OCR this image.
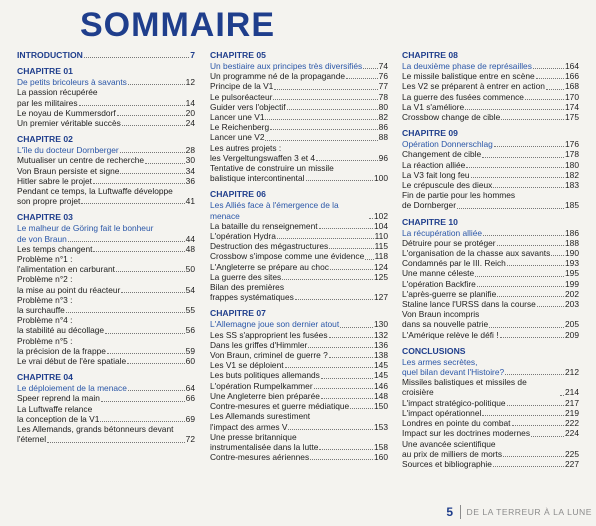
SOMMAIRE
INTRODUCTION	7
CHAPITRE 01
De petits bricoleurs à savants	12
La passion récupérée
par les militaires	14
Le noyau de Kummersdorf	20
Un premier véritable succès	24
CHAPITRE 02
L'île du docteur Dornberger	28
Mutualiser un centre de recherche	30
Von Braun persiste et signe	34
Hitler sabre le projet	36
Pendant ce temps, la Luftwaffe développe
son propre projet	41
CHAPITRE 03
Le malheur de Göring fait le bonheur
de von Braun	44
Les temps changent	48
Problème n°1 :
l'alimentation en carburant	50
Problème n°2 :
la mise au point du réacteur	54
Problème n°3 :
la surchauffe	55
Problème n°4 :
la stabilité au décollage	56
Problème n°5 :
la précision de la frappe	59
Le vrai début de l'ère spatiale	60
CHAPITRE 04
Le déploiement de la menace	64
Speer reprend la main	66
La Luftwaffe relance
la conception de la V1	69
Les Allemands, grands bétonneurs devant
l'éternel	72
CHAPITRE 05
Un bestiaire aux principes très diversifiés 74
Un programme né de la propagande	76
Principe de la V1	77
Le pulsoréacteur	78
Guider vers l'objectif	80
Lancer une V1	82
Le Reichenberg	86
Lancer une V2	88
Les autres projets :
les Vergeltungswaffen 3 et 4	96
Tentative de construire un missile
balistique intercontinental	100
CHAPITRE 06
Les Alliés face à l'émergence de la menace	102
La bataille du renseignement	104
L'opération Hydra	110
Destruction des mégastructures	115
Crossbow s'impose comme une évidence 118
L'Angleterre se prépare au choc	124
La guerre des sites	125
Bilan des premières
frappes systématiques	127
CHAPITRE 07
L'Allemagne joue son dernier atout	130
Les SS s'approprient les fusées	132
Dans les griffes d'Himmler	136
Von Braun, criminel de guerre ?	138
Les V1 se déploient	145
Les buts politiques allemands	145
L'opération Rumpelkammer	146
Une Angleterre bien préparée	148
Contre-mesures et guerre médiatique	150
Les Allemands surestiment
l'impact des armes V	153
Une presse britannique
instrumentalisée dans la lutte	158
Contre-mesures aériennes	160
CHAPITRE 08
La deuxième phase de représailles	164
Le missile balistique entre en scène	166
Les V2 se préparent à entrer en action 168
La guerre des fusées commence	170
La V1 s'améliore	174
Crossbow change de cible	175
CHAPITRE 09
Opération Donnerschlag	176
Changement de cible	178
La réaction alliée	180
La V3 fait long feu	182
Le crépuscule des dieux	183
Fin de partie pour les hommes
de Dornberger	185
CHAPITRE 10
La récupération alliée	186
Détruire pour se protéger	188
L'organisation de la chasse aux savants 190
Condamnés par le III. Reich	193
Une manne céleste	195
L'opération Backfire	199
L'après-guerre se planifie	202
Staline lance l'URSS dans la course	203
Von Braun incompris
dans sa nouvelle patrie	205
L'Amérique relève le défi !	209
CONCLUSIONS
Les armes secrètes,
quel bilan devant l'Histoire?	212
Missiles balistiques et missiles de croisière	214
L'impact stratégico-politique	217
L'impact opérationnel	219
Londres en pointe du combat	222
Impact sur les doctrines modernes	224
Une avancée scientifique
au prix de milliers de morts	225
Sources et bibliographie	227
5 DE LA TERREUR À LA LUNE
